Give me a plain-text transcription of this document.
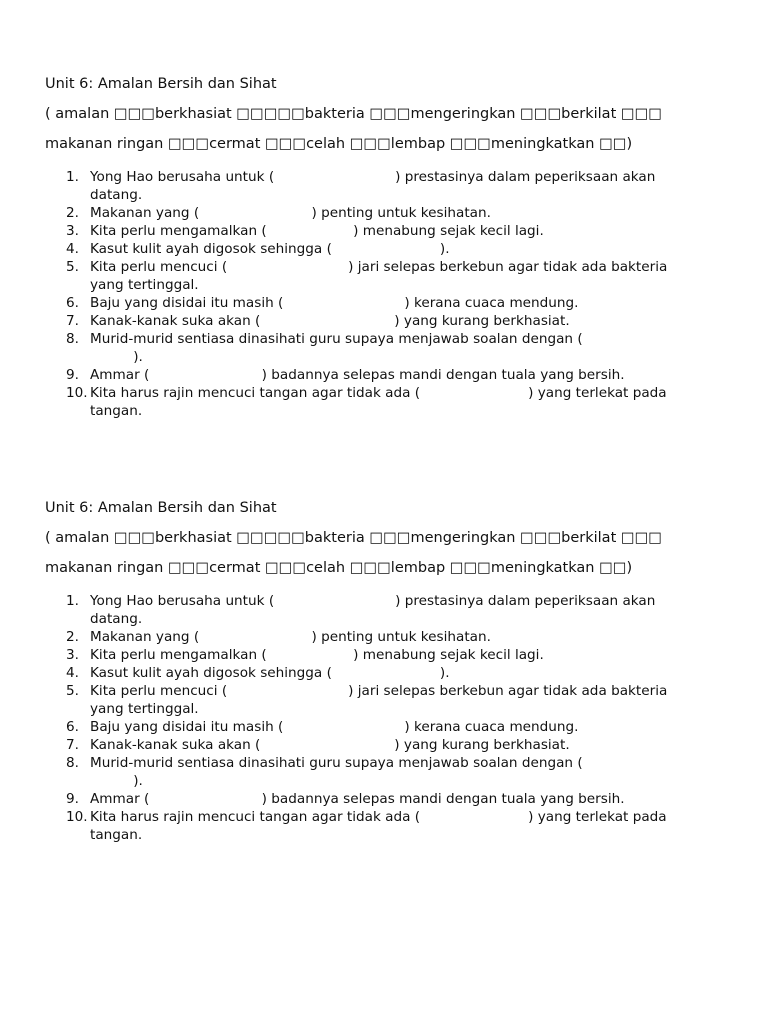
Unit 6: Amalan Bersih dan Sihat

( amalan □□□berkhasiat □□□□□bakteria □□□mengeringkan □□□berkilat □□□

makanan ringan □□□cermat □□□celah □□□lembap □□□meningkatkan □□)

1. Yong Hao berusaha untuk (                            ) prestasinya dalam peperiksaan akan datang.
2. Makanan yang (                          ) penting untuk kesihatan.
3. Kita perlu mengamalkan (                    ) menabung sejak kecil lagi.
4. Kasut kulit ayah digosok sehingga (                         ).
5. Kita perlu mencuci (                            ) jari selepas berkebun agar tidak ada bakteria yang tertinggal.
6. Baju yang disidai itu masih (                            ) kerana cuaca mendung.
7. Kanak-kanak suka akan (                               ) yang kurang berkhasiat.
8. Murid-murid sentiasa dinasihati guru supaya menjawab soalan dengan (
).
9. Ammar (                          ) badannya selepas mandi dengan tuala yang bersih.
10. Kita harus rajin mencuci tangan agar tidak ada (                         ) yang terlekat pada tangan.

Unit 6: Amalan Bersih dan Sihat

( amalan □□□berkhasiat □□□□□bakteria □□□mengeringkan □□□berkilat □□□

makanan ringan □□□cermat □□□celah □□□lembap □□□meningkatkan □□)

1. Yong Hao berusaha untuk (                            ) prestasinya dalam peperiksaan akan datang.
2. Makanan yang (                          ) penting untuk kesihatan.
3. Kita perlu mengamalkan (                    ) menabung sejak kecil lagi.
4. Kasut kulit ayah digosok sehingga (                         ).
5. Kita perlu mencuci (                            ) jari selepas berkebun agar tidak ada bakteria yang tertinggal.
6. Baju yang disidai itu masih (                            ) kerana cuaca mendung.
7. Kanak-kanak suka akan (                               ) yang kurang berkhasiat.
8. Murid-murid sentiasa dinasihati guru supaya menjawab soalan dengan (
).
9. Ammar (                          ) badannya selepas mandi dengan tuala yang bersih.
10. Kita harus rajin mencuci tangan agar tidak ada (                         ) yang terlekat pada tangan.
